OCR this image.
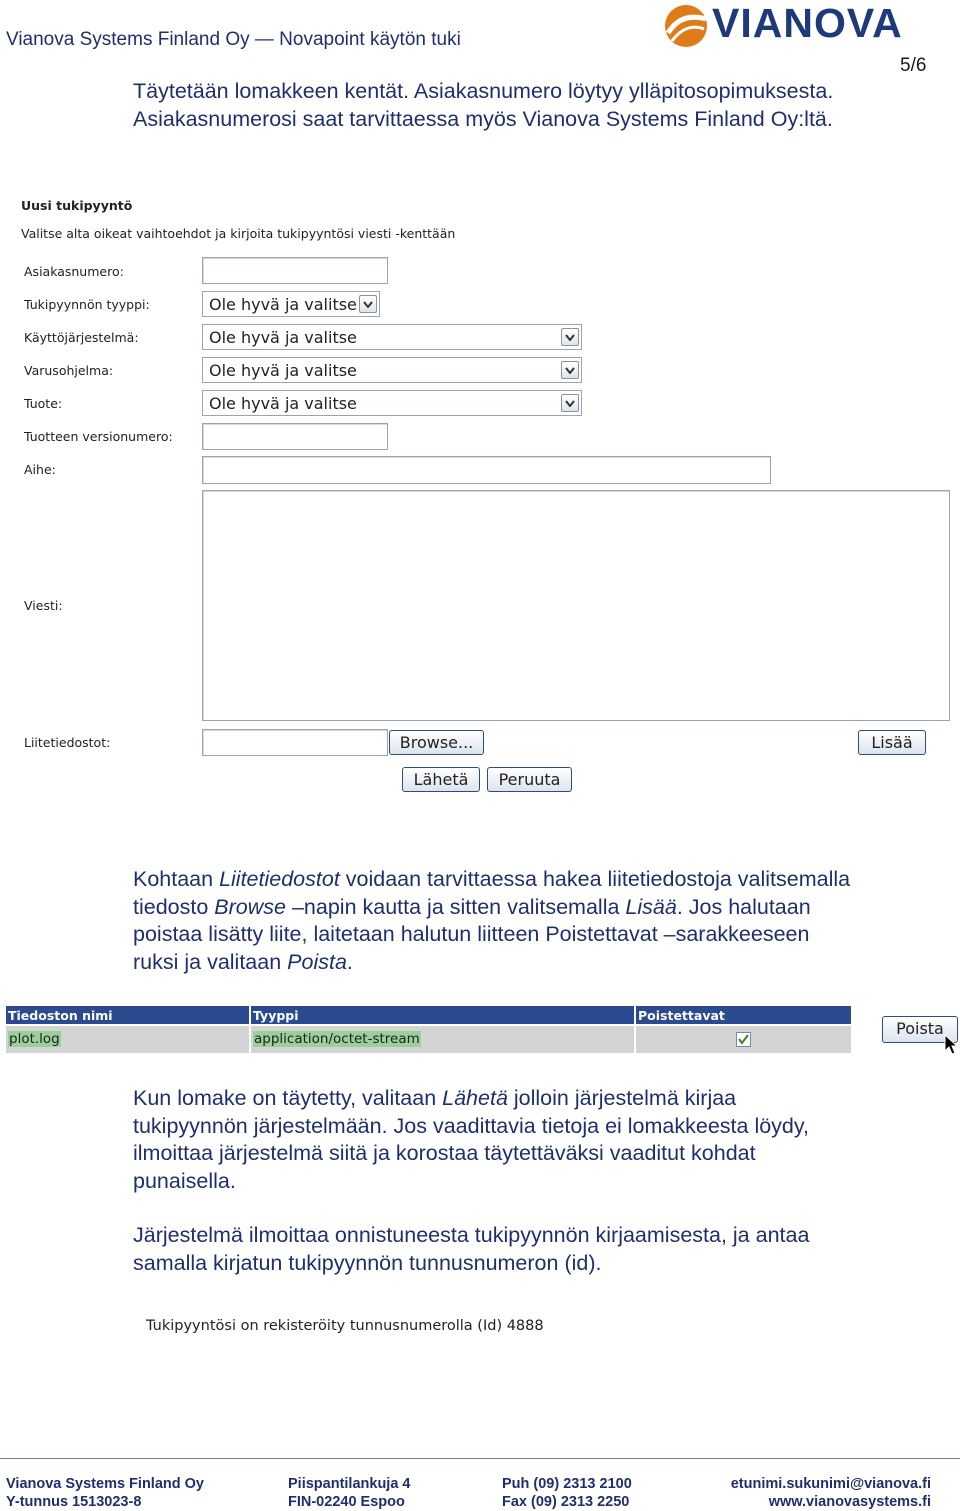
Vianova Systems Finland Oy — Novapoint käytön tuki	VIANOVA
5/6
Täytetään lomakkeen kentät. Asiakasnumero löytyy ylläpitosopimuksesta.
Asiakasnumerosi saat tarvittaessa myös Vianova Systems Finland Oy:ltä.
Uusi tukipyyntö
Valitse alta oikeat vaihtoehdot ja kirjoita tukipyyntösi viesti -kenttään
Asiakasnumero:
Tukipyynnön tyyppi:	Ole hyvä ja valitse
Käyttöjärjestelmä:	Ole hyvä ja valitse
Varusohjelma:	Ole hyvä ja valitse
Tuote:	Ole hyvä ja valitse
Tuotteen versionumero:
Aihe:
Viesti:
Liitetiedostot:	Browse...	Lisää
Lähetä	Peruuta
Kohtaan Liitetiedostot voidaan tarvittaessa hakea liitetiedostoja valitsemalla
tiedosto Browse –napin kautta ja sitten valitsemalla Lisää. Jos halutaan
poistaa lisätty liite, laitetaan halutun liitteen Poistettavat –sarakkeeseen
ruksi ja valitaan Poista.
Tiedoston nimi	Tyyppi	Poistettavat
plot.log	application/octet-stream
Poista
Kun lomake on täytetty, valitaan Lähetä jolloin järjestelmä kirjaa
tukipyynnön järjestelmään. Jos vaadittavia tietoja ei lomakkeesta löydy,
ilmoittaa järjestelmä siitä ja korostaa täytettäväksi vaaditut kohdat
punaisella.
Järjestelmä ilmoittaa onnistuneesta tukipyynnön kirjaamisesta, ja antaa
samalla kirjatun tukipyynnön tunnusnumeron (id).
Tukipyyntösi on rekisteröity tunnusnumerolla (Id) 4888
Vianova Systems Finland Oy
Y-tunnus 1513023-8
Piispantilankuja 4
FIN-02240 Espoo
Puh (09) 2313 2100
Fax (09) 2313 2250
etunimi.sukunimi@vianova.fi
www.vianovasystems.fi
